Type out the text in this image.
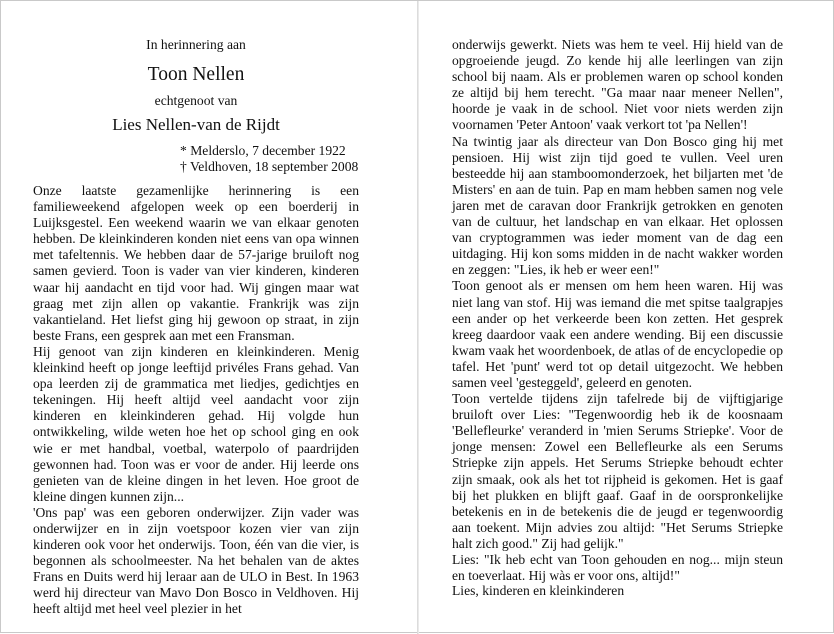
In herinnering aan
Toon Nellen
echtgenoot van
Lies Nellen-van de Rijdt
* Melderslo, 7 december 1922
† Veldhoven, 18 september 2008

Onze laatste gezamenlijke herinnering is een familieweekend afgelopen week op een boerderij in Luijksgestel. Een weekend waarin we van elkaar genoten hebben. De kleinkinderen konden niet eens van opa winnen met tafeltennis. We hebben daar de 57-jarige bruiloft nog samen gevierd. Toon is vader van vier kinderen, kinderen waar hij aandacht en tijd voor had. Wij gingen maar wat graag met zijn allen op vakantie. Frankrijk was zijn vakantieland. Het liefst ging hij gewoon op straat, in zijn beste Frans, een gesprek aan met een Fransman.

Hij genoot van zijn kinderen en kleinkinderen. Menig kleinkind heeft op jonge leeftijd privéles Frans gehad. Van opa leerden zij de grammatica met liedjes, gedichtjes en tekeningen. Hij heeft altijd veel aandacht voor zijn kinderen en kleinkinderen gehad. Hij volgde hun ontwikkeling, wilde weten hoe het op school ging en ook wie er met handbal, voetbal, waterpolo of paardrijden gewonnen had. Toon was er voor de ander. Hij leerde ons genieten van de kleine dingen in het leven. Hoe groot de kleine dingen kunnen zijn...

'Ons pap' was een geboren onderwijzer. Zijn vader was onderwijzer en in zijn voetspoor kozen vier van zijn kinderen ook voor het onderwijs. Toon, één van die vier, is begonnen als schoolmeester. Na het behalen van de aktes Frans en Duits werd hij leraar aan de ULO in Best. In 1963 werd hij directeur van Mavo Don Bosco in Veldhoven. Hij heeft altijd met heel veel plezier in het

onderwijs gewerkt. Niets was hem te veel. Hij hield van de opgroeiende jeugd. Zo kende hij alle leerlingen van zijn school bij naam. Als er problemen waren op school konden ze altijd bij hem terecht. "Ga maar naar meneer Nellen", hoorde je vaak in de school. Niet voor niets werden zijn voornamen 'Peter Antoon' vaak verkort tot 'pa Nellen'!

Na twintig jaar als directeur van Don Bosco ging hij met pensioen. Hij wist zijn tijd goed te vullen. Veel uren besteedde hij aan stamboomonderzoek, het biljarten met 'de Misters' en aan de tuin. Pap en mam hebben samen nog vele jaren met de caravan door Frankrijk getrokken en genoten van de cultuur, het landschap en van elkaar. Het oplossen van cryptogrammen was ieder moment van de dag een uitdaging. Hij kon soms midden in de nacht wakker worden en zeggen: "Lies, ik heb er weer een!"

Toon genoot als er mensen om hem heen waren. Hij was niet lang van stof. Hij was iemand die met spitse taalgrapjes een ander op het verkeerde been kon zetten. Het gesprek kreeg daardoor vaak een andere wending. Bij een discussie kwam vaak het woordenboek, de atlas of de encyclopedie op tafel. Het 'punt' werd tot op detail uitgezocht. We hebben samen veel 'gesteggeld', geleerd en genoten.

Toon vertelde tijdens zijn tafelrede bij de vijftigjarige bruiloft over Lies: "Tegenwoordig heb ik de koosnaam 'Bellefleurke' veranderd in 'mien Serums Striepke'. Voor de jonge mensen: Zowel een Bellefleurke als een Serums Striepke zijn appels. Het Serums Striepke behoudt echter zijn smaak, ook als het tot rijpheid is gekomen. Het is gaaf bij het plukken en blijft gaaf. Gaaf in de oorspronkelijke betekenis en in de betekenis die de jeugd er tegenwoordig aan toekent. Mijn advies zou altijd: "Het Serums Striepke halt zich good." Zij had gelijk."

Lies: "Ik heb echt van Toon gehouden en nog... mijn steun en toeverlaat. Hij wàs er voor ons, altijd!"

Lies, kinderen en kleinkinderen
